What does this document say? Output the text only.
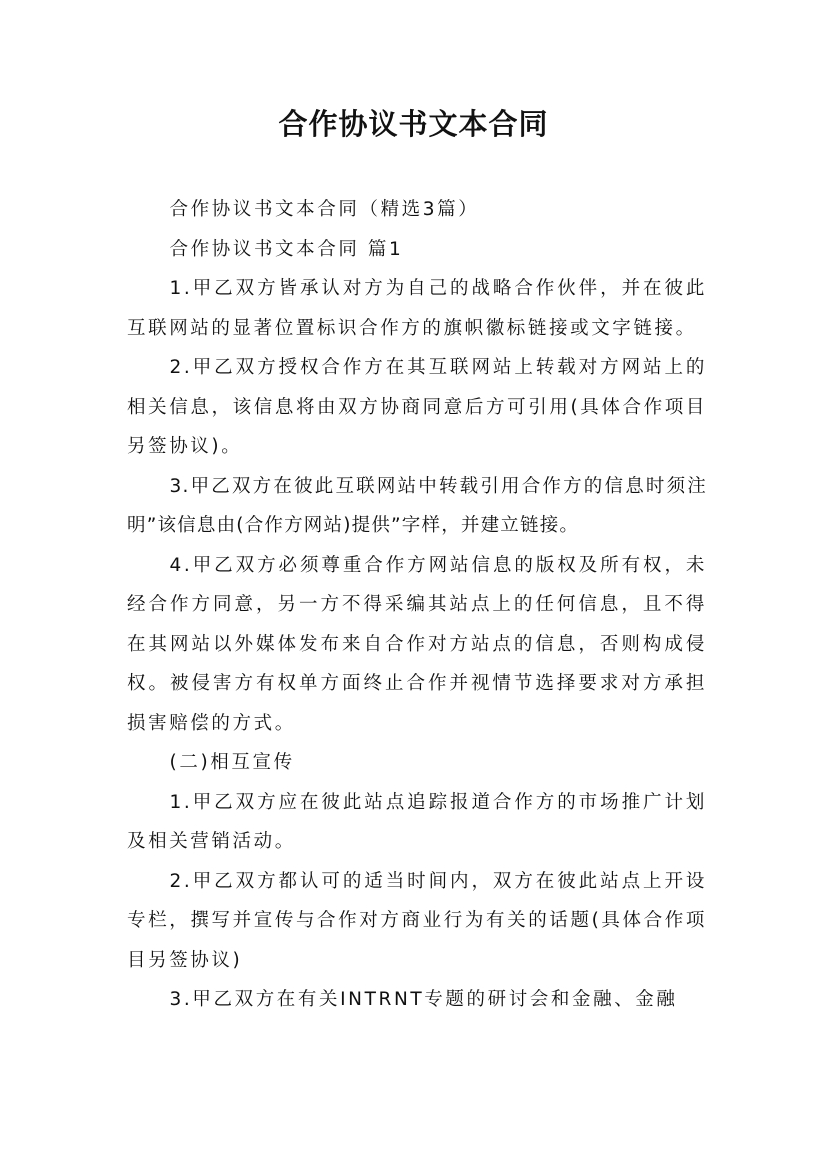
合作协议书文本合同

合作协议书文本合同（精选3篇）

合作协议书文本合同 篇1

1.甲乙双方皆承认对方为自己的战略合作伙伴，并在彼此互联网站的显著位置标识合作方的旗帜徽标链接或文字链接。

2.甲乙双方授权合作方在其互联网站上转载对方网站上的相关信息，该信息将由双方协商同意后方可引用(具体合作项目另签协议)。

3.甲乙双方在彼此互联网站中转载引用合作方的信息时须注明”该信息由(合作方网站)提供”字样，并建立链接。

4.甲乙双方必须尊重合作方网站信息的版权及所有权，未经合作方同意，另一方不得采编其站点上的任何信息，且不得在其网站以外媒体发布来自合作对方站点的信息，否则构成侵权。被侵害方有权单方面终止合作并视情节选择要求对方承担损害赔偿的方式。

(二)相互宣传

1.甲乙双方应在彼此站点追踪报道合作方的市场推广计划及相关营销活动。

2.甲乙双方都认可的适当时间内，双方在彼此站点上开设专栏，撰写并宣传与合作对方商业行为有关的话题(具体合作项目另签协议)

3.甲乙双方在有关INTRNT专题的研讨会和金融、金融
